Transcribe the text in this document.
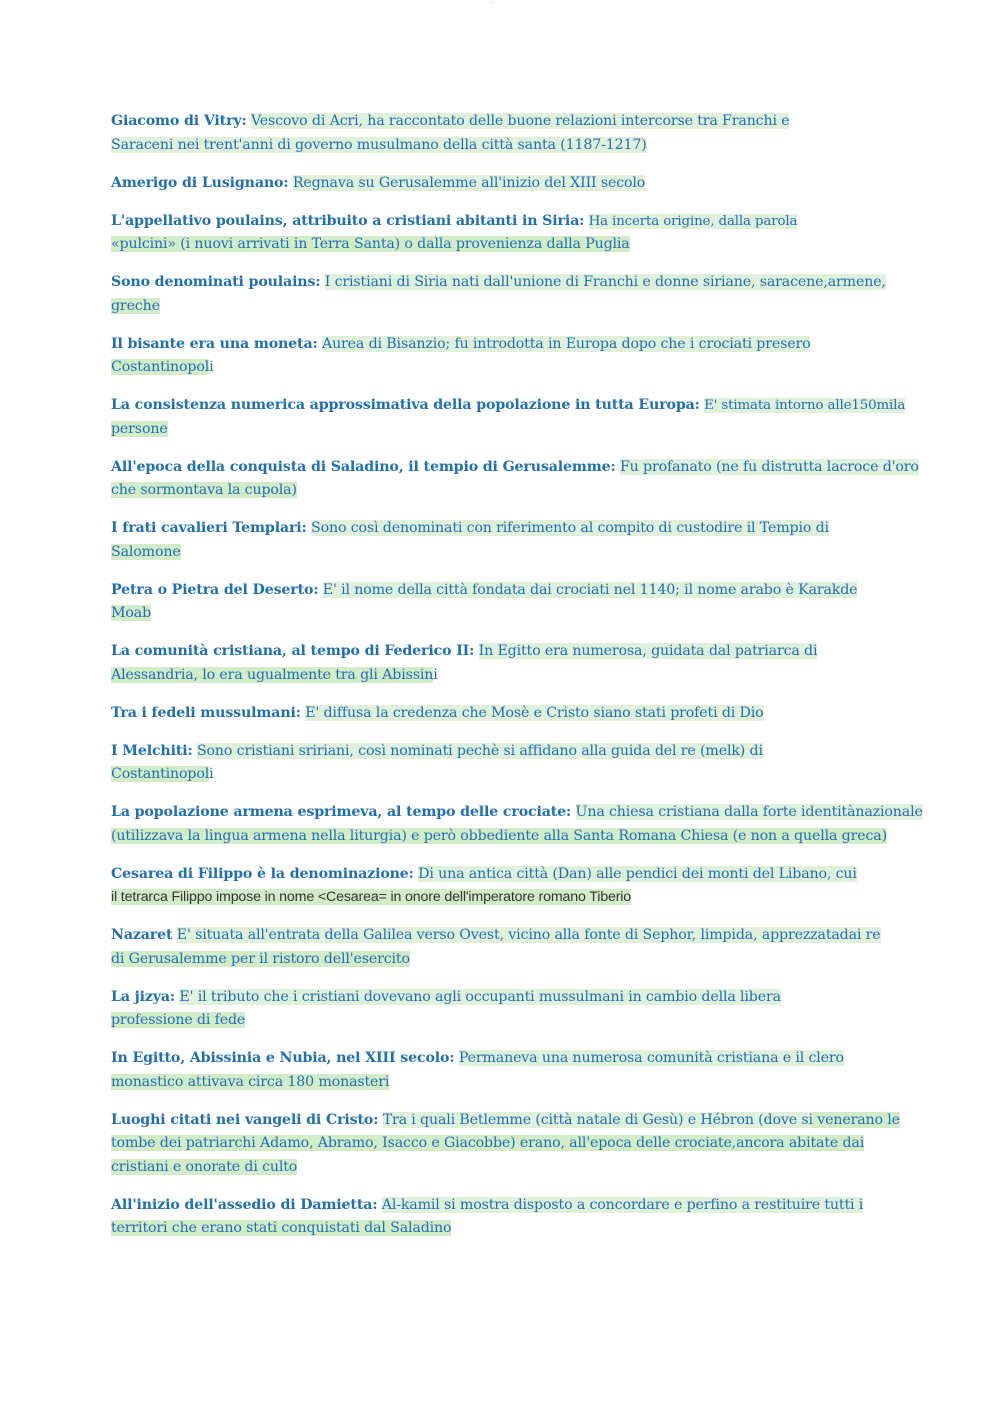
····
Giacomo di Vitry: Vescovo di Acri, ha raccontato delle buone relazioni intercorse tra Franchi e
Saraceni nei trent'anni di governo musulmano della città santa (1187-1217)
Amerigo di Lusignano: Regnava su Gerusalemme all'inizio del XIII secolo
L'appellativo poulains, attribuito a cristiani abitanti in Siria: Ha incerta origine, dalla parola
«pulcini» (i nuovi arrivati in Terra Santa) o dalla provenienza dalla Puglia
Sono denominati poulains: I cristiani di Siria nati dall'unione di Franchi e donne siriane, saracene,armene,
greche
Il bisante era una moneta: Aurea di Bisanzio; fu introdotta in Europa dopo che i crociati presero
Costantinopoli
La consistenza numerica approssimativa della popolazione in tutta Europa: E' stimata intorno alle150mila
persone
All'epoca della conquista di Saladino, il tempio di Gerusalemme: Fu profanato (ne fu distrutta lacroce d'oro
che sormontava la cupola)
I frati cavalieri Templari: Sono così denominati con riferimento al compito di custodire il Tempio di
Salomone
Petra o Pietra del Deserto: E' il nome della città fondata dai crociati nel 1140; il nome arabo è Karakde
Moab
La comunità cristiana, al tempo di Federico II: In Egitto era numerosa, guidata dal patriarca di
Alessandria, lo era ugualmente tra gli Abissini
Tra i fedeli mussulmani: E' diffusa la credenza che Mosè e Cristo siano stati profeti di Dio
I Melchiti: Sono cristiani sririani, così nominati pechè si affidano alla guida del re (melk) di
Costantinopoli
La popolazione armena esprimeva, al tempo delle crociate: Una chiesa cristiana dalla forte identitànazionale
(utilizzava la lingua armena nella liturgia) e però obbediente alla Santa Romana Chiesa (e non a quella greca)
Cesarea di Filippo è la denominazione: Di una antica città (Dan) alle pendici dei monti del Libano, cui
il tetrarca Filippo impose in nome <Cesarea= in onore dell'imperatore romano Tiberio
Nazaret E' situata all'entrata della Galilea verso Ovest, vicino alla fonte di Sephor, limpida, apprezzatadai re
di Gerusalemme per il ristoro dell'esercito
La jizya: E' il tributo che i cristiani dovevano agli occupanti mussulmani in cambio della libera
professione di fede
In Egitto, Abissinia e Nubia, nel XIII secolo: Permaneva una numerosa comunità cristiana e il clero
monastico attivava circa 180 monasteri
Luoghi citati nei vangeli di Cristo: Tra i quali Betlemme (città natale di Gesù) e Hébron (dove si venerano le
tombe dei patriarchi Adamo, Abramo, Isacco e Giacobbe) erano, all'epoca delle crociate,ancora abitate dai
cristiani e onorate di culto
All'inizio dell'assedio di Damietta: Al-kamil si mostra disposto a concordare e perfino a restituire tutti i
territori che erano stati conquistati dal Saladino
